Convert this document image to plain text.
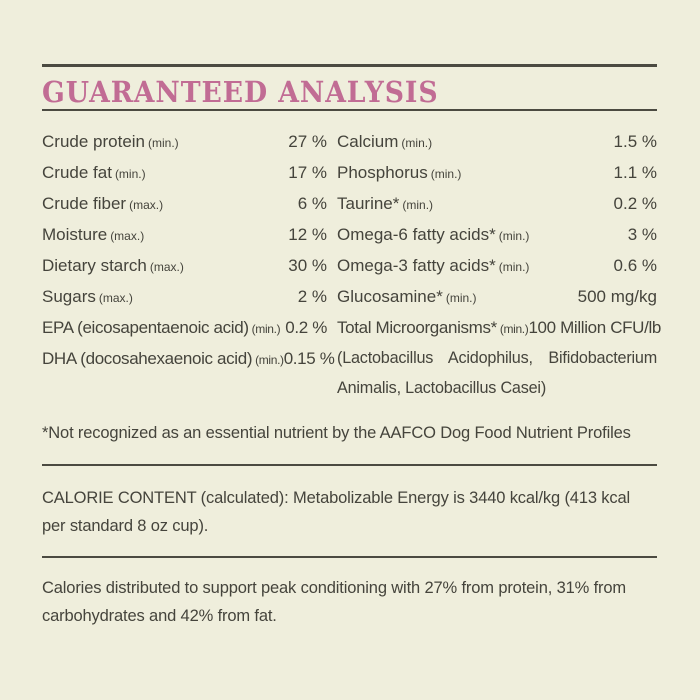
GUARANTEED ANALYSIS
Crude protein (min.)	27 %
Crude fat (min.)	17 %
Crude fiber (max.)	6 %
Moisture (max.)	12 %
Dietary starch (max.)	30 %
Sugars (max.)	2 %
EPA (eicosapentaenoic acid) (min.) 0.2 %
DHA (docosahexaenoic acid) (min.) 0.15 %
Calcium (min.)	1.5 %
Phosphorus (min.)	1.1 %
Taurine* (min.)	0.2 %
Omega-6 fatty acids* (min.)	3 %
Omega-3 fatty acids* (min.)	0.6 %
Glucosamine* (min.)	500 mg/kg
Total Microorganisms* (min.) 100 Million CFU/lb
(Lactobacillus Acidophilus, Bifidobacterium Animalis, Lactobacillus Casei)

*Not recognized as an essential nutrient by the AAFCO Dog Food Nutrient Profiles

CALORIE CONTENT (calculated): Metabolizable Energy is 3440 kcal/kg (413 kcal per standard 8 oz cup).

Calories distributed to support peak conditioning with 27% from protein, 31% from carbohydrates and 42% from fat.
